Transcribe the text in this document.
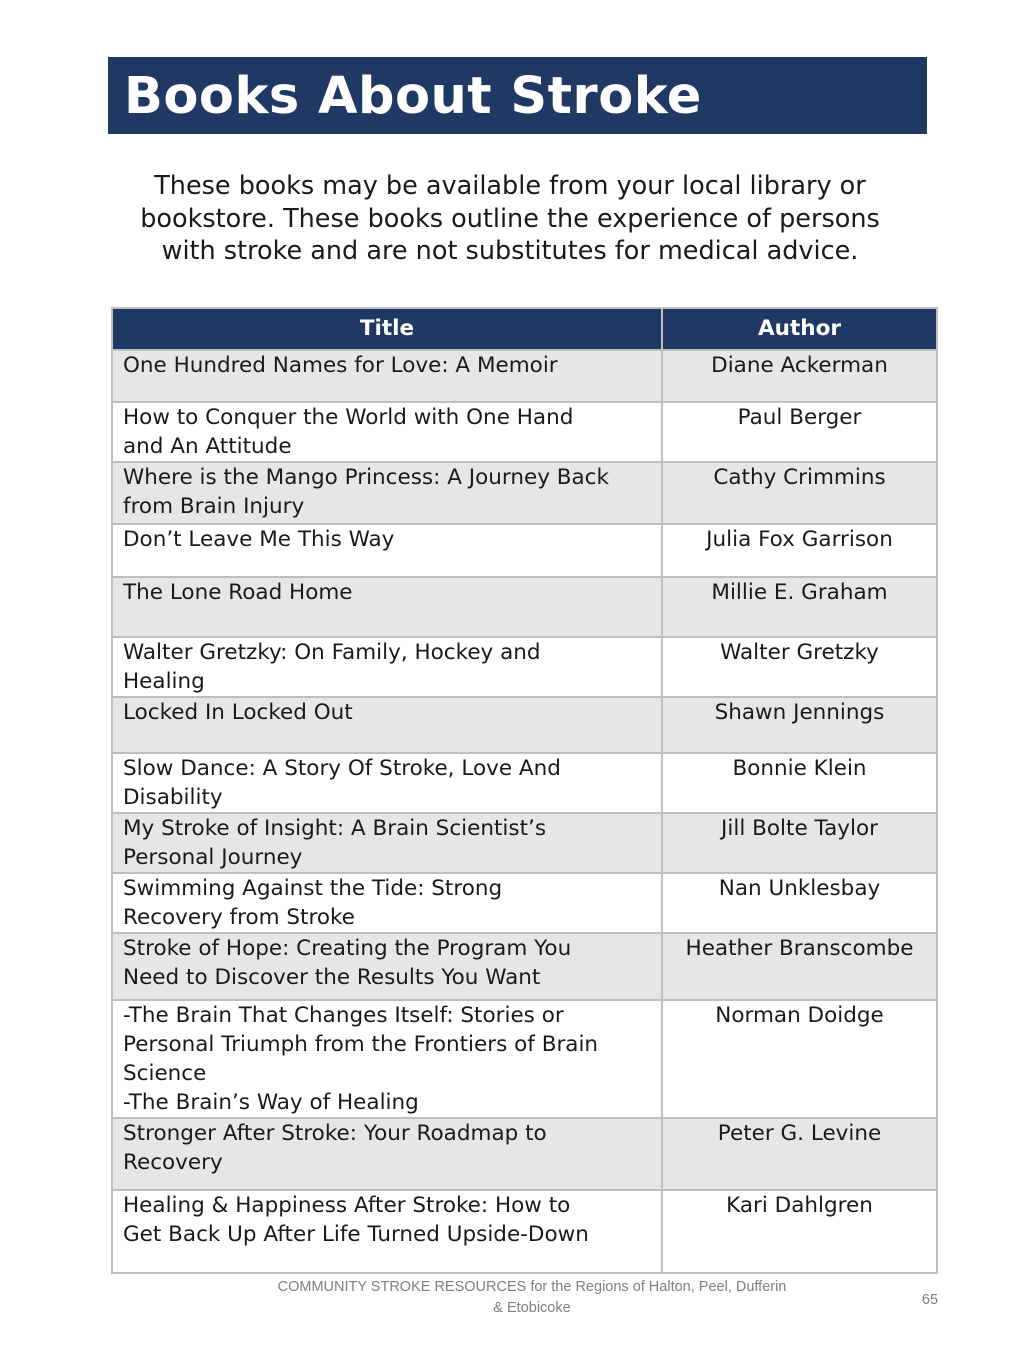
Books About Stroke
These books may be available from your local library or
bookstore. These books outline the experience of persons
with stroke and are not substitutes for medical advice.
Title	Author

One Hundred Names for Love: A Memoir	Diane Ackerman

How to Conquer the World with One Hand
and An Attitude	Paul Berger

Where is the Mango Princess: A Journey Back
from Brain Injury	Cathy Crimmins

Don’t Leave Me This Way	Julia Fox Garrison

The Lone Road Home	Millie E. Graham

Walter Gretzky: On Family, Hockey and
Healing	Walter Gretzky

Locked In Locked Out	Shawn Jennings

Slow Dance: A Story Of Stroke, Love And
Disability	Bonnie Klein

My Stroke of Insight: A Brain Scientist’s
Personal Journey	Jill Bolte Taylor

Swimming Against the Tide: Strong
Recovery from Stroke	Nan Unklesbay

Stroke of Hope: Creating the Program You
Need to Discover the Results You Want	Heather Branscombe

-The Brain That Changes Itself: Stories or
Personal Triumph from the Frontiers of Brain
Science
-The Brain’s Way of Healing	Norman Doidge

Stronger After Stroke: Your Roadmap to
Recovery	Peter G. Levine

Healing & Happiness After Stroke: How to
Get Back Up After Life Turned Upside-Down	Kari Dahlgren
COMMUNITY STROKE RESOURCES for the Regions of Halton, Peel, Dufferin
& Etobicoke	65
